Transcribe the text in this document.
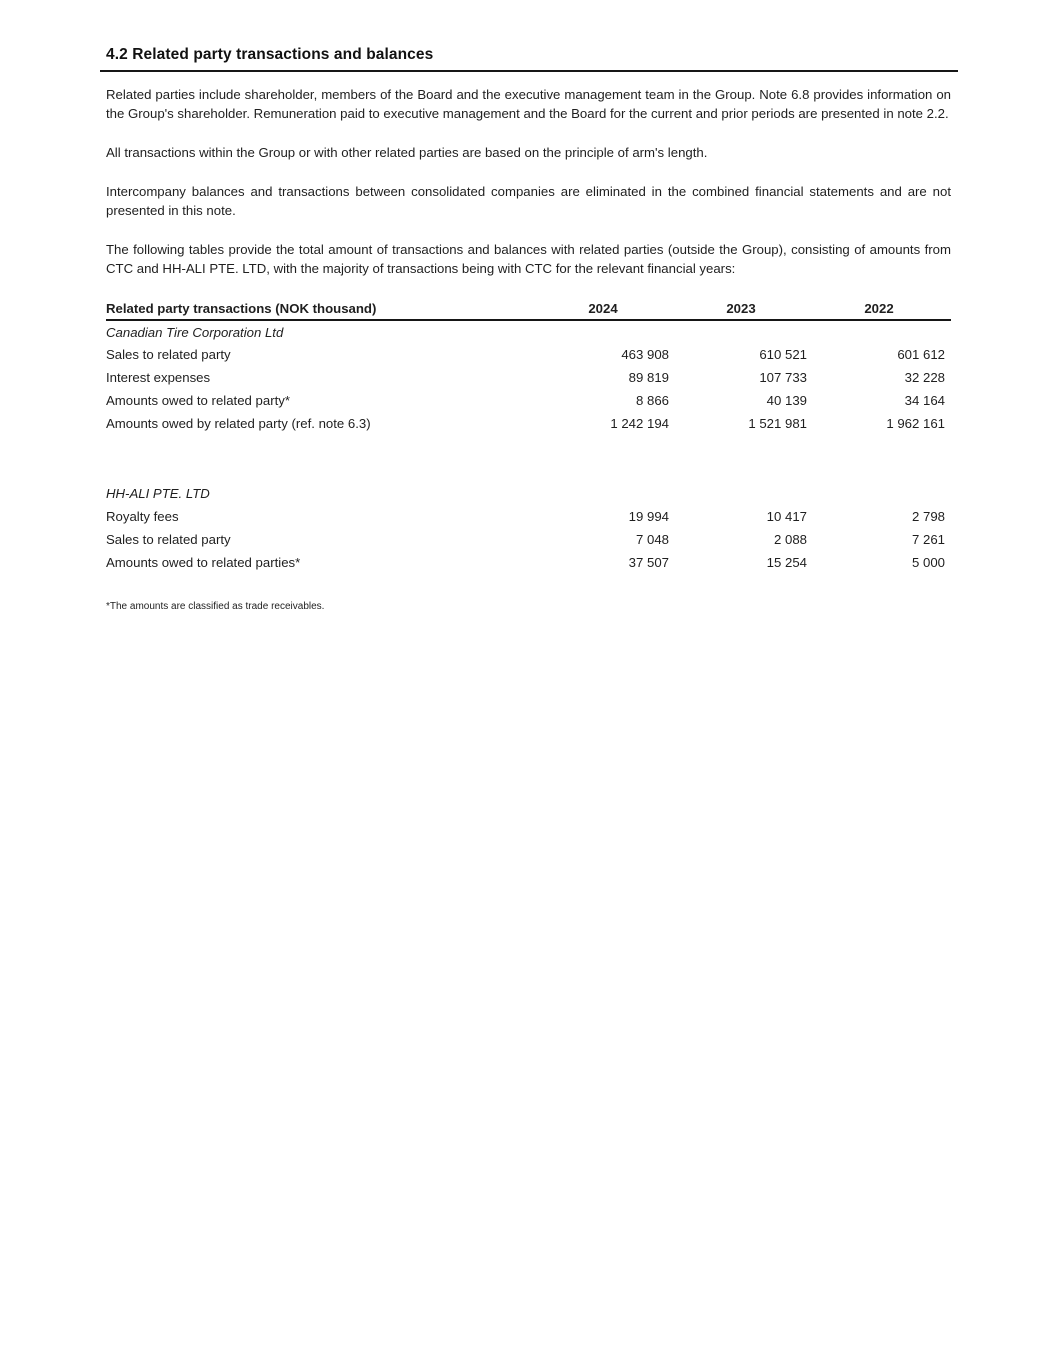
4.2 Related party transactions and balances

Related parties include shareholder, members of the Board and the executive management team in the Group. Note 6.8 provides information on the Group's shareholder. Remuneration paid to executive management and the Board for the current and prior periods are presented in note 2.2.

All transactions within the Group or with other related parties are based on the principle of arm's length.

Intercompany balances and transactions between consolidated companies are eliminated in the combined financial statements and are not presented in this note.

The following tables provide the total amount of transactions and balances with related parties (outside the Group), consisting of amounts from CTC and HH-ALI PTE. LTD, with the majority of transactions being with CTC for the relevant financial years:

Related party transactions (NOK thousand)	2024	2023	2022
Canadian Tire Corporation Ltd			
Sales to related party	463 908	610 521	601 612
Interest expenses	89 819	107 733	32 228
Amounts owed to related party*	8 866	40 139	34 164
Amounts owed by related party (ref. note 6.3)	1 242 194	1 521 981	1 962 161

HH-ALI PTE. LTD			
Royalty fees	19 994	10 417	2 798
Sales to related party	7 048	2 088	7 261
Amounts owed to related parties*	37 507	15 254	5 000

*The amounts are classified as trade receivables.
